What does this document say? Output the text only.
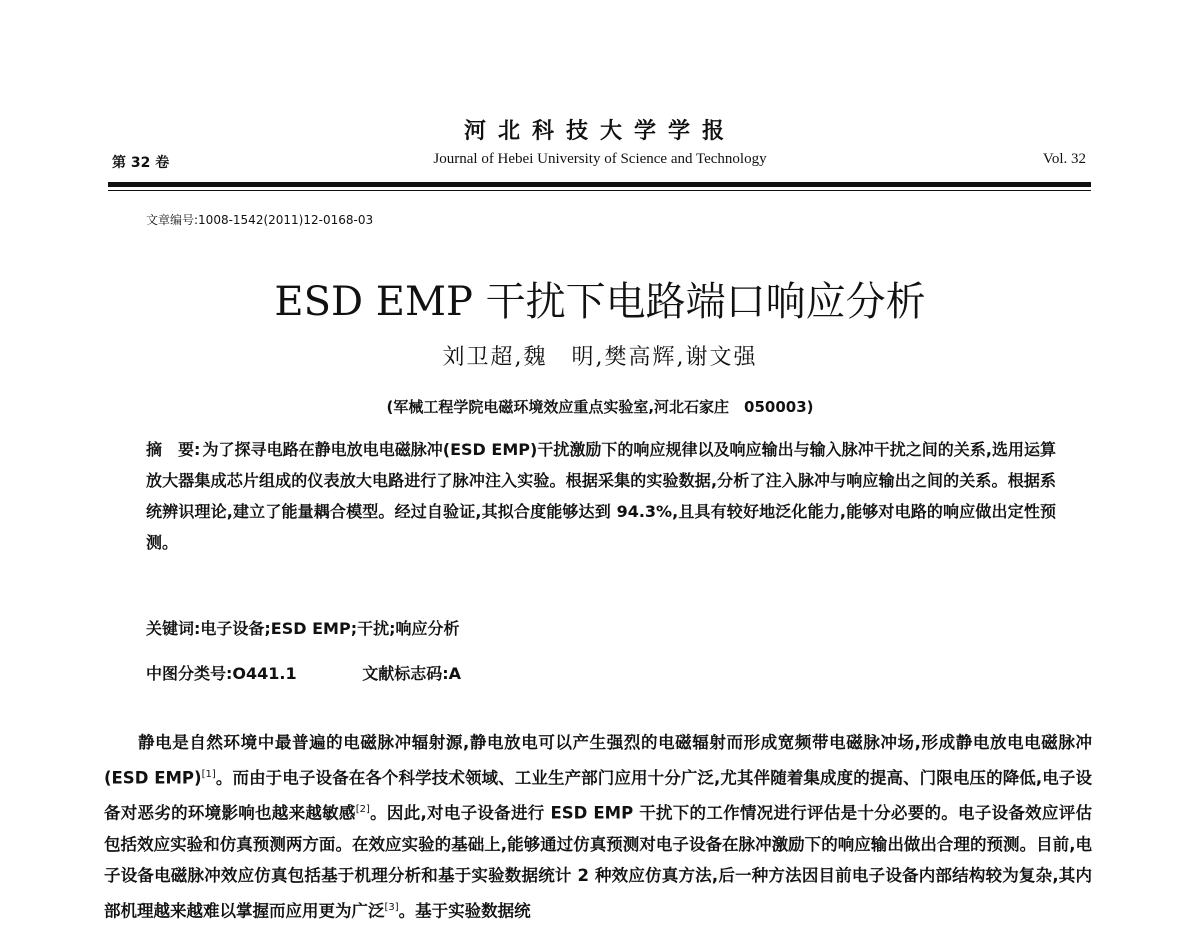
河北科技大学学报
第 32 卷	Journal of Hebei University of Science and Technology	Vol. 32
文章编号:1008-1542(2011)12-0168-03
ESD EMP 干扰下电路端口响应分析
刘卫超,魏　明,樊高辉,谢文强
(军械工程学院电磁环境效应重点实验室,河北石家庄　050003)
摘　要: 为了探寻电路在静电放电电磁脉冲(ESD EMP)干扰激励下的响应规律以及响应输出与输入脉冲干扰之间的关系,选用运算放大器集成芯片组成的仪表放大电路进行了脉冲注入实验。根据采集的实验数据,分析了注入脉冲与响应输出之间的关系。根据系统辨识理论,建立了能量耦合模型。经过自验证,其拟合度能够达到 94.3%,且具有较好地泛化能力,能够对电路的响应做出定性预测。
关键词:电子设备;ESD EMP;干扰;响应分析
中图分类号:O441.1	文献标志码:A
静电是自然环境中最普遍的电磁脉冲辐射源,静电放电可以产生强烈的电磁辐射而形成宽频带电磁脉冲场,形成静电放电电磁脉冲(ESD EMP)[1]。而由于电子设备在各个科学技术领域、工业生产部门应用十分广泛,尤其伴随着集成度的提高、门限电压的降低,电子设备对恶劣的环境影响也越来越敏感[2]。因此,对电子设备进行 ESD EMP 干扰下的工作情况进行评估是十分必要的。电子设备效应评估包括效应实验和仿真预测两方面。在效应实验的基础上,能够通过仿真预测对电子设备在脉冲激励下的响应输出做出合理的预测。目前,电子设备电磁脉冲效应仿真包括基于机理分析和基于实验数据统计 2 种效应仿真方法,后一种方法因目前电子设备内部结构较为复杂,其内部机理越来越难以掌握而应用更为广泛[3]。基于实验数据统
